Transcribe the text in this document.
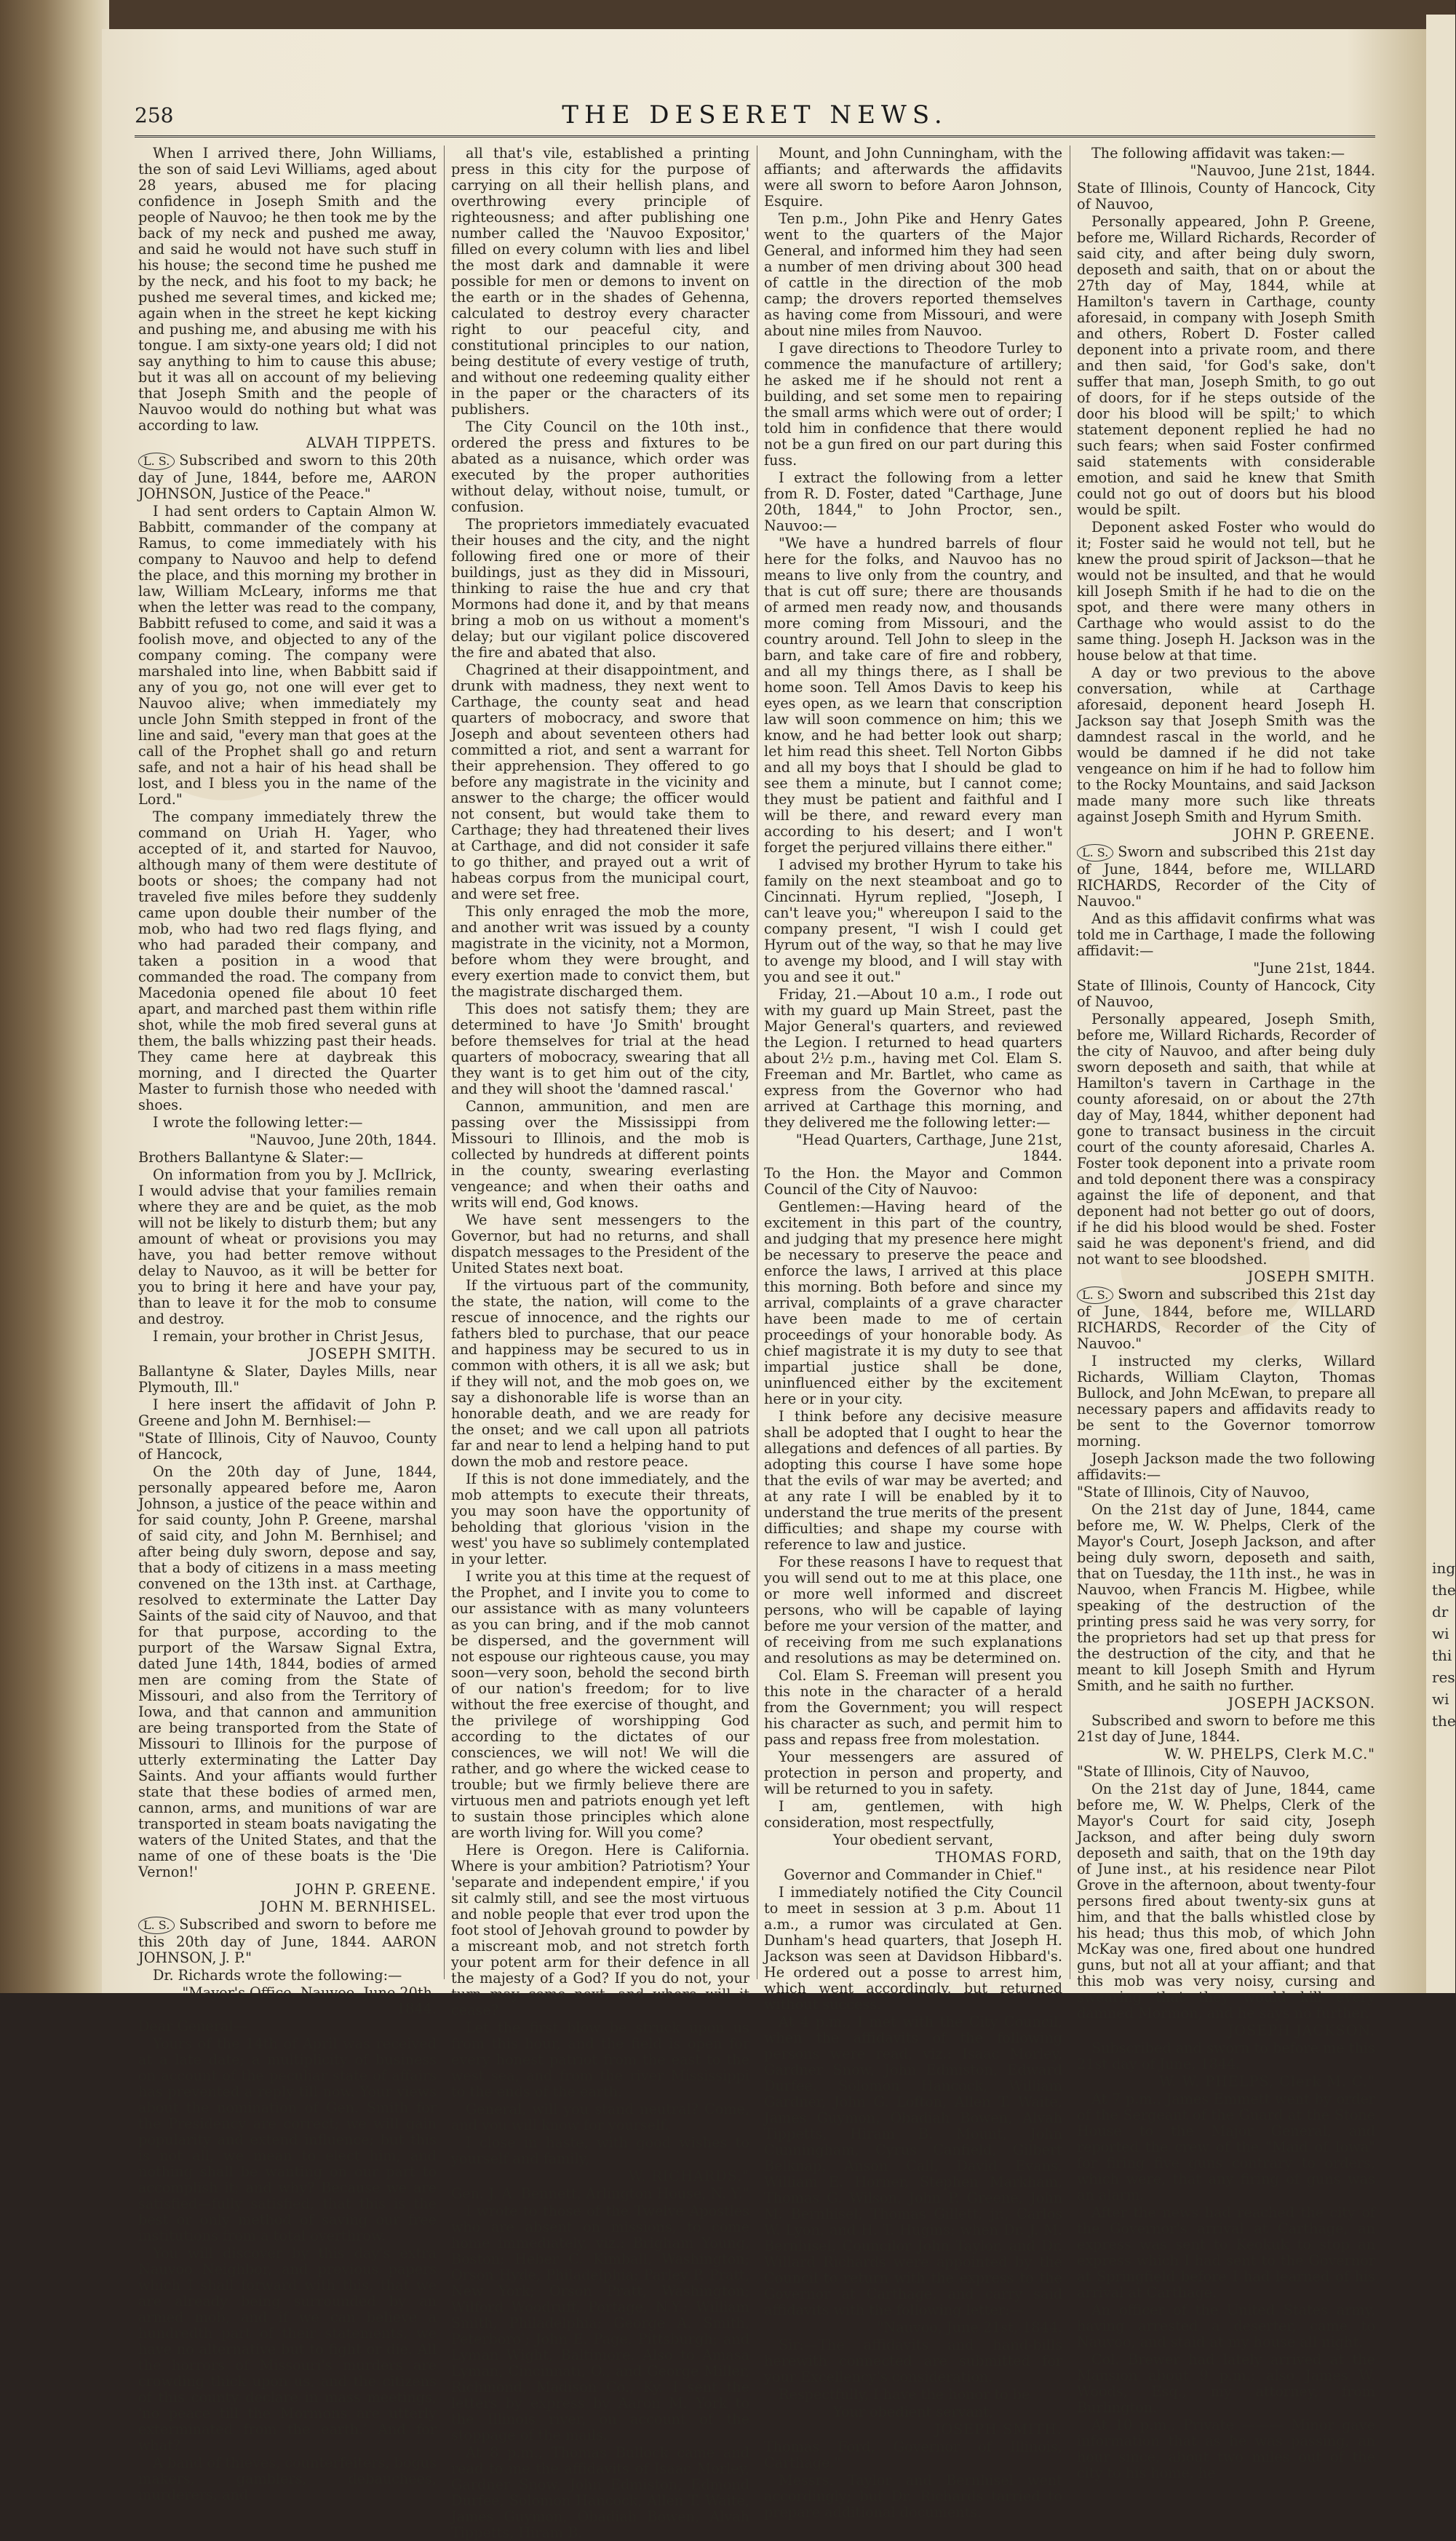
ing
the
dr
wi
thi
res
wi
the
258	THE DESERET NEWS.

When I arrived there, John Williams, the son of said Levi Williams, aged about 28 years, abused me for placing confidence in Joseph Smith and the people of Nauvoo; he then took me by the back of my neck and pushed me away, and said he would not have such stuff in his house; the second time he pushed me by the neck, and his foot to my back; he pushed me several times, and kicked me; again when in the street he kept kicking and pushing me, and abusing me with his tongue. I am sixty-one years old; I did not say anything to him to cause this abuse; but it was all on account of my believing that Joseph Smith and the people of Nauvoo would do nothing but what was according to law.

ALVAH TIPPETS.

L. S. Subscribed and sworn to this 20th day of June, 1844, before me, AARON JOHNSON, Justice of the Peace."

I had sent orders to Captain Almon W. Babbitt, commander of the company at Ramus, to come immediately with his company to Nauvoo and help to defend the place, and this morning my brother in law, William McLeary, informs me that when the letter was read to the company, Babbitt refused to come, and said it was a foolish move, and objected to any of the company coming. The company were marshaled into line, when Babbitt said if any of you go, not one will ever get to Nauvoo alive; when immediately my uncle John Smith stepped in front of the line and said, "every man that goes at the call of the Prophet shall go and return safe, and not a hair of his head shall be lost, and I bless you in the name of the Lord."

The company immediately threw the command on Uriah H. Yager, who accepted of it, and started for Nauvoo, although many of them were destitute of boots or shoes; the company had not traveled five miles before they suddenly came upon double their number of the mob, who had two red flags flying, and who had paraded their company, and taken a position in a wood that commanded the road. The company from Macedonia opened file about 10 feet apart, and marched past them within rifle shot, while the mob fired several guns at them, the balls whizzing past their heads. They came here at daybreak this morning, and I directed the Quarter Master to furnish those who needed with shoes.

I wrote the following letter:—

"Nauvoo, June 20th, 1844.

Brothers Ballantyne & Slater:—

On information from you by J. McIlrick, I would advise that your families remain where they are and be quiet, as the mob will not be likely to disturb them; but any amount of wheat or provisions you may have, you had better remove without delay to Nauvoo, as it will be better for you to bring it here and have your pay, than to leave it for the mob to consume and destroy.

I remain, your brother in Christ Jesus,

JOSEPH SMITH.

Ballantyne & Slater, Dayles Mills, near Plymouth, Ill."

I here insert the affidavit of John P. Greene and John M. Bernhisel:—

"State of Illinois, City of Nauvoo, County of Hancock,

On the 20th day of June, 1844, personally appeared before me, Aaron Johnson, a justice of the peace within and for said county, John P. Greene, marshal of said city, and John M. Bernhisel; and after being duly sworn, depose and say, that a body of citizens in a mass meeting convened on the 13th inst. at Carthage, resolved to exterminate the Latter Day Saints of the said city of Nauvoo, and that for that purpose, according to the purport of the Warsaw Signal Extra, dated June 14th, 1844, bodies of armed men are coming from the State of Missouri, and also from the Territory of Iowa, and that cannon and ammunition are being transported from the State of Missouri to Illinois for the purpose of utterly exterminating the Latter Day Saints. And your affiants would further state that these bodies of armed men, cannon, arms, and munitions of war are transported in steam boats navigating the waters of the United States, and that the name of one of these boats is the 'Die Vernon!'

JOHN P. GREENE.

JOHN M. BERNHISEL.

L. S. Subscribed and sworn to before me this 20th day of June, 1844. AARON JOHNSON, J. P."

Dr. Richards wrote the following:—

"Mayor's Office, Nauvoo, June 20th, 1844.

Dear General—

Yours of the 14th of April was received at a late date; a multiplicity of business on account of the peculiar state of affairs has prevented a reply till now. Your views about the nomination of Gen. Smith for the Presidency are correct; we will gain popularity and extend influence; but this is not all, we mean to elect him, and nothing shall be wanting on our part to accomplish it; and why? Because we are satisfied—fully satisfied, that this is the best or only method of saving our free institutions from a total overthrow.

You will discover by this day's extra Nauvoo Neighbor, and previous papers which I shall forward with this, that we are already being surrounded by an armed mob, and if we can believe a hundredth part of their statements, we have no alternative but to fight or die. All the horrors of Missouri's murders are crowding thick upon us, and the citizens of this county declare in mass meetings, 'no peace till the Mormons are utterly exterminated from the earth.' And for what?

A band of thieves, counterfeiters, bogus makers, gamblers, debauchees, murderers, and

all that's vile, established a printing press in this city for the purpose of carrying on all their hellish plans, and overthrowing every principle of righteousness; and after publishing one number called the 'Nauvoo Expositor,' filled on every column with lies and libel the most dark and damnable it were possible for men or demons to invent on the earth or in the shades of Gehenna, calculated to destroy every character right to our peaceful city, and constitutional principles to our nation, being destitute of every vestige of truth, and without one redeeming quality either in the paper or the characters of its publishers.

The City Council on the 10th inst., ordered the press and fixtures to be abated as a nuisance, which order was executed by the proper authorities without delay, without noise, tumult, or confusion.

The proprietors immediately evacuated their houses and the city, and the night following fired one or more of their buildings, just as they did in Missouri, thinking to raise the hue and cry that Mormons had done it, and by that means bring a mob on us without a moment's delay; but our vigilant police discovered the fire and abated that also.

Chagrined at their disappointment, and drunk with madness, they next went to Carthage, the county seat and head quarters of mobocracy, and swore that Joseph and about seventeen others had committed a riot, and sent a warrant for their apprehension. They offered to go before any magistrate in the vicinity and answer to the charge; the officer would not consent, but would take them to Carthage; they had threatened their lives at Carthage, and did not consider it safe to go thither, and prayed out a writ of habeas corpus from the municipal court, and were set free.

This only enraged the mob the more, and another writ was issued by a county magistrate in the vicinity, not a Mormon, before whom they were brought, and every exertion made to convict them, but the magistrate discharged them.

This does not satisfy them; they are determined to have 'Jo Smith' brought before themselves for trial at the head quarters of mobocracy, swearing that all they want is to get him out of the city, and they will shoot the 'damned rascal.'

Cannon, ammunition, and men are passing over the Mississippi from Missouri to Illinois, and the mob is collected by hundreds at different points in the county, swearing everlasting vengeance; and when their oaths and writs will end, God knows.

We have sent messengers to the Governor, but had no returns, and shall dispatch messages to the President of the United States next boat.

If the virtuous part of the community, the state, the nation, will come to the rescue of innocence, and the rights our fathers bled to purchase, that our peace and happiness may be secured to us in common with others, it is all we ask; but if they will not, and the mob goes on, we say a dishonorable life is worse than an honorable death, and we are ready for the onset; and we call upon all patriots far and near to lend a helping hand to put down the mob and restore peace.

If this is not done immediately, and the mob attempts to execute their threats, you may soon have the opportunity of beholding that glorious 'vision in the west' you have so sublimely contemplated in your letter.

I write you at this time at the request of the Prophet, and I invite you to come to our assistance with as many volunteers as you can bring, and if the mob cannot be dispersed, and the government will not espouse our righteous cause, you may soon—very soon, behold the second birth of our nation's freedom; for to live without the free exercise of thought, and the privilege of worshipping God according to the dictates of our consciences, we will not! We will die rather, and go where the wicked cease to trouble; but we firmly believe there are virtuous men and patriots enough yet left to sustain those principles which alone are worth living for. Will you come?

Here is Oregon. Here is California. Where is your ambition? Patriotism? Your 'separate and independent empire,' if you sit calmly still, and see the most virtuous and noble people that ever trod upon the foot stool of Jehovah ground to powder by a miscreant mob, and not stretch forth your potent arm for their defence in all the majesty of a God? If you do not, your turn may come next, and where will it cease?

Let the first blow be struck upon us from this hour, and the field is open for every honest patriot from the east to the west sea, and from the river Mississippi to the ends of the earth.

General, will you stand neutral? Come, and you will know for yourself.

I close in haste, with good wishes to yourself and family,

W. RICHARDS."

Gen. J. A. Bennett, Arlington House, N. Y."

I wrote to those of the Twelve Apostles who are absent on missions, to come home immediately, viz.: Brigham Young, Boston; Heber C. Kimball, Washington; Orson Hyde, Philadelphia; Parley P. Pratt, New York; Orson Pratt, Washington; Wilford Woodruff, Portage, N.Y.; William Smith, Philadelphia; George A. Smith, Peterboro'; John E. Page, Pittsburgh; and Lyman Wight, Baltimore. Also to Amasa Lyman, Cincinnati, O., and George Miller, Richmond, Madison Co., Ky. I sent the letters by express by Aaron M. York to the Illinois river, on account of the stoppage of the mails.

At 8 p.m., Thomas Bullock came and read to me the affidavits of Isaac Morley, Gardner Snow, John Edmiston, Edmond Durfee, Solomon Hancock, Allen T. Waite, James Guymon, Obadiah Bowen, Alvah Tippetts, Hiram B.

Mount, and John Cunningham, with the affiants; and afterwards the affidavits were all sworn to before Aaron Johnson, Esquire.

Ten p.m., John Pike and Henry Gates went to the quarters of the Major General, and informed him they had seen a number of men driving about 300 head of cattle in the direction of the mob camp; the drovers reported themselves as having come from Missouri, and were about nine miles from Nauvoo.

I gave directions to Theodore Turley to commence the manufacture of artillery; he asked me if he should not rent a building, and set some men to repairing the small arms which were out of order; I told him in confidence that there would not be a gun fired on our part during this fuss.

I extract the following from a letter from R. D. Foster, dated "Carthage, June 20th, 1844," to John Proctor, sen., Nauvoo:—

"We have a hundred barrels of flour here for the folks, and Nauvoo has no means to live only from the country, and that is cut off sure; there are thousands of armed men ready now, and thousands more coming from Missouri, and the country around. Tell John to sleep in the barn, and take care of fire and robbery, and all my things there, as I shall be home soon. Tell Amos Davis to keep his eyes open, as we learn that conscription law will soon commence on him; this we know, and he had better look out sharp; let him read this sheet. Tell Norton Gibbs and all my boys that I should be glad to see them a minute, but I cannot come; they must be patient and faithful and I will be there, and reward every man according to his desert; and I won't forget the perjured villains there either."

I advised my brother Hyrum to take his family on the next steamboat and go to Cincinnati. Hyrum replied, "Joseph, I can't leave you;" whereupon I said to the company present, "I wish I could get Hyrum out of the way, so that he may live to avenge my blood, and I will stay with you and see it out."

Friday, 21.—About 10 a.m., I rode out with my guard up Main Street, past the Major General's quarters, and reviewed the Legion. I returned to head quarters about 2½ p.m., having met Col. Elam S. Freeman and Mr. Bartlet, who came as express from the Governor who had arrived at Carthage this morning, and they delivered me the following letter:—

"Head Quarters, Carthage, June 21st, 1844.

To the Hon. the Mayor and Common Council of the City of Nauvoo:

Gentlemen:—Having heard of the excitement in this part of the country, and judging that my presence here might be necessary to preserve the peace and enforce the laws, I arrived at this place this morning. Both before and since my arrival, complaints of a grave character have been made to me of certain proceedings of your honorable body. As chief magistrate it is my duty to see that impartial justice shall be done, uninfluenced either by the excitement here or in your city.

I think before any decisive measure shall be adopted that I ought to hear the allegations and defences of all parties. By adopting this course I have some hope that the evils of war may be averted; and at any rate I will be enabled by it to understand the true merits of the present difficulties; and shape my course with reference to law and justice.

For these reasons I have to request that you will send out to me at this place, one or more well informed and discreet persons, who will be capable of laying before me your version of the matter, and of receiving from me such explanations and resolutions as may be determined on.

Col. Elam S. Freeman will present you this note in the character of a herald from the Government; you will respect his character as such, and permit him to pass and repass free from molestation.

Your messengers are assured of protection in person and property, and will be returned to you in safety.

I am, gentlemen, with high consideration, most respectfully,

Your obedient servant,

THOMAS FORD,

Governor and Commander in Chief."

I immediately notified the City Council to meet in session at 3 p.m. About 11 a.m., a rumor was circulated at Gen. Dunham's head quarters, that Joseph H. Jackson was seen at Davidson Hibbard's. He ordered out a posse to arrest him, which went accordingly, but returned without success.

At 4 p.m., I met with the City Council, when the affidavits of the following persons were read, viz.: Isaac Morley, Gardner Snow, John Edmiston, Edward Durfee, Solomon Hancock, William Gardner, John G. Lofton, Allen T. Waite, James Guymon, Obadiah Bowen, Alvah Tippetts, Hiram B. Mount, John Cunningham, Cyrus Canfield, Gilbert Belknap, Anson Call, David Evans, William E. Horner, Stephen Markham, Thomas G. Wilson, John P. Greene, John M. Bernhisel, Thomas Gillett, jr., Carlos W. Lyon, and H. T. Hugins; when Dr. J. M. Bernhisel, Councilor John Taylor, and Dr. Willard Richards were appointed by the Council to return with the express to the Governor at Carthage, and carry said affidavits with the following letter:—

"Nauvoo, June 21st, 1844.

Sir:—The affidavits and hand-bills herewith connected are submitted for your Excellency's consideration.

Respectfully, I have the honor to be

Your obedient servant,

JOSEPH SMITH.

Thomas Ford, Governor of Illinois, Carthage."

Messrs. Taylor and Bernhisel went accordingly; but Dr. Richards tarried to prepare additional documents.

The following affidavit was taken:—

"Nauvoo, June 21st, 1844.

State of Illinois, County of Hancock, City of Nauvoo,

Personally appeared, John P. Greene, before me, Willard Richards, Recorder of said city, and after being duly sworn, deposeth and saith, that on or about the 27th day of May, 1844, while at Hamilton's tavern in Carthage, county aforesaid, in company with Joseph Smith and others, Robert D. Foster called deponent into a private room, and there and then said, 'for God's sake, don't suffer that man, Joseph Smith, to go out of doors, for if he steps outside of the door his blood will be spilt;' to which statement deponent replied he had no such fears; when said Foster confirmed said statements with considerable emotion, and said he knew that Smith could not go out of doors but his blood would be spilt.

Deponent asked Foster who would do it; Foster said he would not tell, but he knew the proud spirit of Jackson—that he would not be insulted, and that he would kill Joseph Smith if he had to die on the spot, and there were many others in Carthage who would assist to do the same thing. Joseph H. Jackson was in the house below at that time.

A day or two previous to the above conversation, while at Carthage aforesaid, deponent heard Joseph H. Jackson say that Joseph Smith was the damndest rascal in the world, and he would be damned if he did not take vengeance on him if he had to follow him to the Rocky Mountains, and said Jackson made many more such like threats against Joseph Smith and Hyrum Smith.

JOHN P. GREENE.

L. S. Sworn and subscribed this 21st day of June, 1844, before me, WILLARD RICHARDS, Recorder of the City of Nauvoo."

And as this affidavit confirms what was told me in Carthage, I made the following affidavit:—

"June 21st, 1844.

State of Illinois, County of Hancock, City of Nauvoo,

Personally appeared, Joseph Smith, before me, Willard Richards, Recorder of the city of Nauvoo, and after being duly sworn deposeth and saith, that while at Hamilton's tavern in Carthage in the county aforesaid, on or about the 27th day of May, 1844, whither deponent had gone to transact business in the circuit court of the county aforesaid, Charles A. Foster took deponent into a private room and told deponent there was a conspiracy against the life of deponent, and that deponent had not better go out of doors, if he did his blood would be shed. Foster said he was deponent's friend, and did not want to see bloodshed.

JOSEPH SMITH.

L. S. Sworn and subscribed this 21st day of June, 1844, before me, WILLARD RICHARDS, Recorder of the City of Nauvoo."

I instructed my clerks, Willard Richards, William Clayton, Thomas Bullock, and John McEwan, to prepare all necessary papers and affidavits ready to be sent to the Governor tomorrow morning.

Joseph Jackson made the two following affidavits:—

"State of Illinois, City of Nauvoo,

On the 21st day of June, 1844, came before me, W. W. Phelps, Clerk of the Mayor's Court, Joseph Jackson, and after being duly sworn, deposeth and saith, that on Tuesday, the 11th inst., he was in Nauvoo, when Francis M. Higbee, while speaking of the destruction of the printing press said he was very sorry, for the proprietors had set up that press for the destruction of the city, and that he meant to kill Joseph Smith and Hyrum Smith, and he saith no further.

JOSEPH JACKSON.

Subscribed and sworn to before me this 21st day of June, 1844.

W. W. PHELPS, Clerk M.C."

"State of Illinois, City of Nauvoo,

On the 21st day of June, 1844, came before me, W. W. Phelps, Clerk of the Mayor's Court for said city, Joseph Jackson, and after being duly sworn deposeth and saith, that on the 19th day of June inst., at his residence near Pilot Grove in the afternoon, about twenty-four persons fired about twenty-six guns at him, and that the balls whistled close by his head; thus this mob, of which John McKay was one, fired about one hundred guns, but not all at your affiant; and that this mob was very noisy, cursing and swearing that they would kill every damned Mormon, and he says no further.

JOSEPH JACKSON.

Subscribed and sworn to before me this 21st day of June, 1844.

W. W. PHELPS, Clerk M. C."

At 7 p.m., James Emmett went by order of the Sergeant of the Guard at the Stone House to the Major General, and reported the crew of the "Maid of Iowa" for firing five guns contrary to orders, which were, that any firing of guns was an alarm.

After the news had reached the city of the Governor's arrival at Carthage, an express was sent to Keokuk to stop an express which I had sent to the Governor at Springfield before I had learned of his arrival at Carthage.

An officer of the United States army, having arrested a deserter, came to Nauvoo, and staid at my house all night.

Col. Brewer had lately arrived at the Mansion about 9 p.m.; also James W. Woods, Esq., my attorney, from Burlington.

At 10 p.m., Private ——— Minor gave information that as he was passing, an hour since, about two miles out of the city to his home, he
